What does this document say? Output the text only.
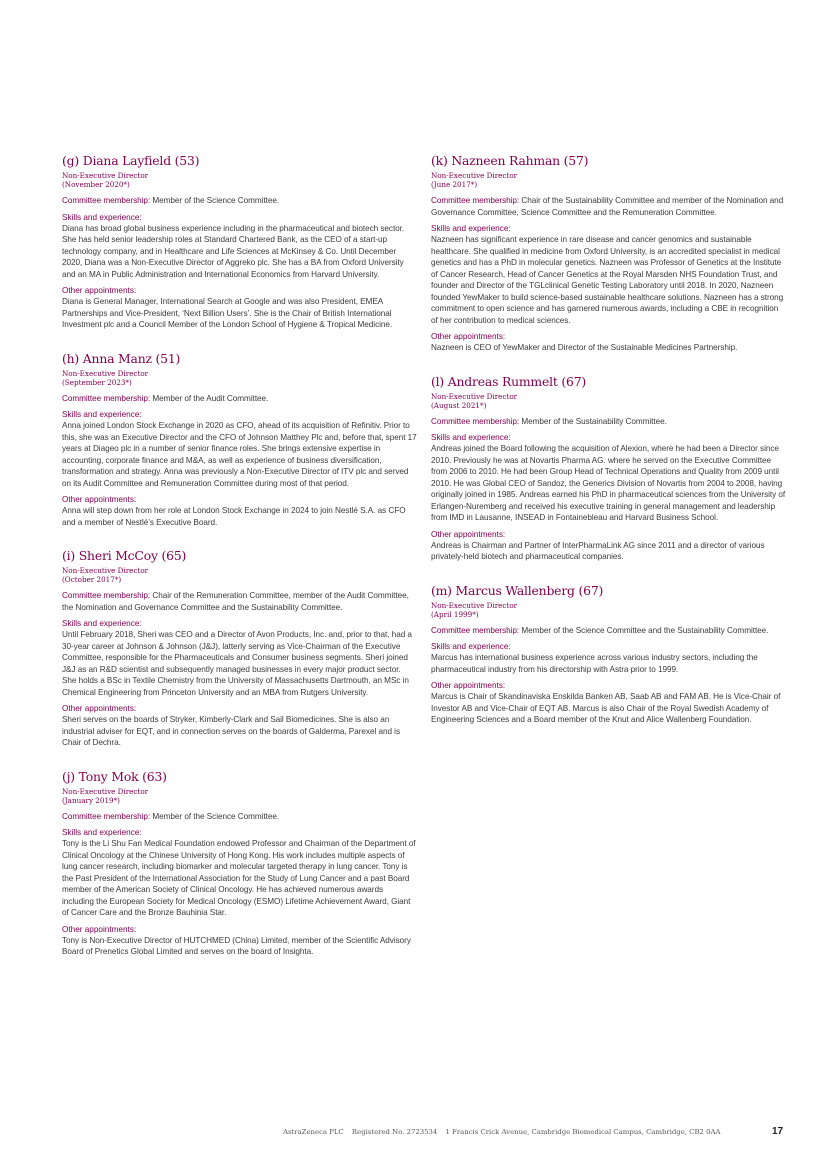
(g) Diana Layfield (53)
Non-Executive Director
(November 2020*)

Committee membership: Member of the Science Committee.

Skills and experience:

Diana has broad global business experience including in the pharmaceutical and biotech sector. She has held senior leadership roles at Standard Chartered Bank, as the CEO of a start-up technology company, and in Healthcare and Life Sciences at McKinsey & Co. Until December 2020, Diana was a Non-Executive Director of Aggreko plc. She has a BA from Oxford University and an MA in Public Administration and International Economics from Harvard University.

Other appointments:

Diana is General Manager, International Search at Google and was also President, EMEA Partnerships and Vice-President, ‘Next Billion Users’. She is the Chair of British International Investment plc and a Council Member of the London School of Hygiene & Tropical Medicine.

(h) Anna Manz (51)
Non-Executive Director
(September 2023*)

Committee membership: Member of the Audit Committee.

Skills and experience:

Anna joined London Stock Exchange in 2020 as CFO, ahead of its acquisition of Refinitiv. Prior to this, she was an Executive Director and the CFO of Johnson Matthey Plc and, before that, spent 17 years at Diageo plc in a number of senior finance roles. She brings extensive expertise in accounting, corporate finance and M&A, as well as experience of business diversification, transformation and strategy. Anna was previously a Non-Executive Director of ITV plc and served on its Audit Committee and Remuneration Committee during most of that period.

Other appointments:

Anna will step down from her role at London Stock Exchange in 2024 to join Nestlé S.A. as CFO and a member of Nestlé’s Executive Board.

(i) Sheri McCoy (65)
Non-Executive Director
(October 2017*)

Committee membership: Chair of the Remuneration Committee, member of the Audit Committee, the Nomination and Governance Committee and the Sustainability Committee.

Skills and experience:

Until February 2018, Sheri was CEO and a Director of Avon Products, Inc. and, prior to that, had a 30-year career at Johnson & Johnson (J&J), latterly serving as Vice-Chairman of the Executive Committee, responsible for the Pharmaceuticals and Consumer business segments. Sheri joined J&J as an R&D scientist and subsequently managed businesses in every major product sector. She holds a BSc in Textile Chemistry from the University of Massachusetts Dartmouth, an MSc in Chemical Engineering from Princeton University and an MBA from Rutgers University.

Other appointments:

Sheri serves on the boards of Stryker, Kimberly-Clark and Sail Biomedicines. She is also an industrial adviser for EQT, and in connection serves on the boards of Galderma, Parexel and is Chair of Dechra.

(j) Tony Mok (63)
Non-Executive Director
(January 2019*)

Committee membership: Member of the Science Committee.

Skills and experience:

Tony is the Li Shu Fan Medical Foundation endowed Professor and Chairman of the Department of Clinical Oncology at the Chinese University of Hong Kong. His work includes multiple aspects of lung cancer research, including biomarker and molecular targeted therapy in lung cancer. Tony is the Past President of the International Association for the Study of Lung Cancer and a past Board member of the American Society of Clinical Oncology. He has achieved numerous awards including the European Society for Medical Oncology (ESMO) Lifetime Achievement Award, Giant of Cancer Care and the Bronze Bauhinia Star.

Other appointments:

Tony is Non-Executive Director of HUTCHMED (China) Limited, member of the Scientific Advisory Board of Prenetics Global Limited and serves on the board of Insighta.

(k) Nazneen Rahman (57)
Non-Executive Director
(June 2017*)

Committee membership: Chair of the Sustainability Committee and member of the Nomination and Governance Committee, Science Committee and the Remuneration Committee.

Skills and experience:

Nazneen has significant experience in rare disease and cancer genomics and sustainable healthcare. She qualified in medicine from Oxford University, is an accredited specialist in medical genetics and has a PhD in molecular genetics. Nazneen was Professor of Genetics at the Institute of Cancer Research, Head of Cancer Genetics at the Royal Marsden NHS Foundation Trust, and founder and Director of the TGLclinical Genetic Testing Laboratory until 2018. In 2020, Nazneen founded YewMaker to build science-based sustainable healthcare solutions. Nazneen has a strong commitment to open science and has garnered numerous awards, including a CBE in recognition of her contribution to medical sciences.

Other appointments:

Nazneen is CEO of YewMaker and Director of the Sustainable Medicines Partnership.

(l) Andreas Rummelt (67)
Non-Executive Director
(August 2021*)

Committee membership: Member of the Sustainability Committee.

Skills and experience:

Andreas joined the Board following the acquisition of Alexion, where he had been a Director since 2010. Previously he was at Novartis Pharma AG. where he served on the Executive Committee from 2006 to 2010. He had been Group Head of Technical Operations and Quality from 2009 until 2010. He was Global CEO of Sandoz, the Generics Division of Novartis from 2004 to 2008, having originally joined in 1985. Andreas earned his PhD in pharmaceutical sciences from the University of Erlangen-Nuremberg and received his executive training in general management and leadership from IMD in Lausanne, INSEAD in Fontainebleau and Harvard Business School.

Other appointments:

Andreas is Chairman and Partner of InterPharmaLink AG since 2011 and a director of various privately-held biotech and pharmaceutical companies.

(m) Marcus Wallenberg (67)
Non-Executive Director
(April 1999*)

Committee membership: Member of the Science Committee and the Sustainability Committee.

Skills and experience:

Marcus has international business experience across various industry sectors, including the pharmaceutical industry from his directorship with Astra prior to 1999.

Other appointments:

Marcus is Chair of Skandinaviska Enskilda Banken AB, Saab AB and FAM AB. He is Vice-Chair of Investor AB and Vice-Chair of EQT AB. Marcus is also Chair of the Royal Swedish Academy of Engineering Sciences and a Board member of the Knut and Alice Wallenberg Foundation.

AstraZeneca PLC Registered No. 2723534 1 Francis Crick Avenue, Cambridge Biomedical Campus, Cambridge, CB2 0AA	17
